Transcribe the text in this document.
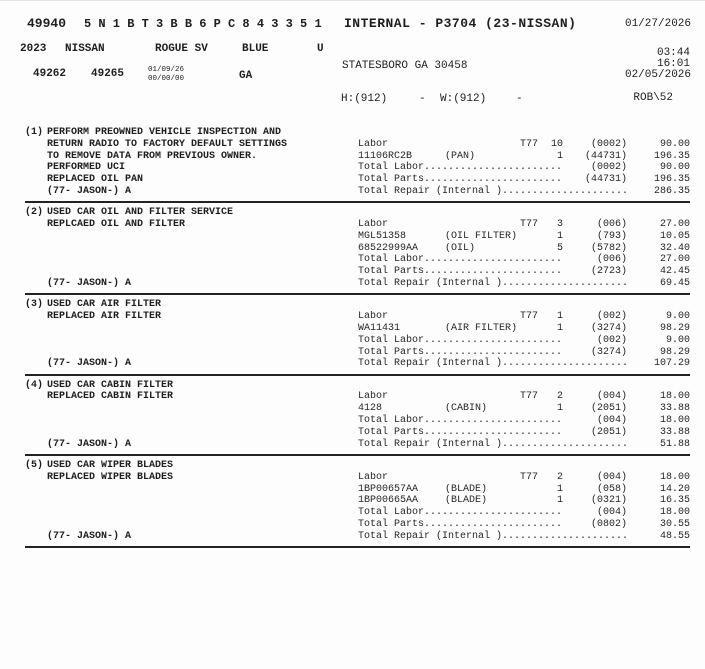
49940 5 N 1 B T 3 B B 6 P C 8 4 3 3 5 1 INTERNAL - P3704 (23-NISSAN)	01/27/2026
2023 NISSAN	ROGUE SV	BLUE	U	03:44
STATESBORO GA 30458	16:01
49262 49265	01/09/26
00/00/00	GA	02/05/2026
H:(912)	- W:(912)	-	ROB\52
(1) PERFORM PREOWNED VEHICLE INSPECTION AND
RETURN RADIO TO FACTORY DEFAULT SETTINGS
TO REMOVE DATA FROM PREVIOUS OWNER.
PERFORMED UCI
REPLACED OIL PAN
(77- JASON-) A
Labor	T77	10	(0002)	90.00
11106RC2B	(PAN)	1	(44731)	196.35
Total Labor .....	(0002)	90.00
Total Parts .....	(44731)	196.35
Total Repair (Internal ) .....	286.35
(2) USED CAR OIL AND FILTER SERVICE
REPLCAED OIL AND FILTER
(77- JASON-) A
Labor	T77	3	(006)	27.00
MGL51358	(OIL FILTER)	1	(793)	10.05
68522999AA	(OIL)	5	(5782)	32.40
Total Labor .....	(006)	27.00
Total Parts .....	(2723)	42.45
Total Repair (Internal ) .....	69.45
(3) USED CAR AIR FILTER
REPLACED AIR FILTER
(77- JASON-) A
Labor	T77	1	(002)	9.00
WA11431	(AIR FILTER)	1	(3274)	98.29
Total Labor .....	(002)	9.00
Total Parts .....	(3274)	98.29
Total Repair (Internal ) .....	107.29
(4) USED CAR CABIN FILTER
REPLACED CABIN FILTER
(77- JASON-) A
Labor	T77	2	(004)	18.00
4128	(CABIN)	1	(2051)	33.88
Total Labor .....	(004)	18.00
Total Parts .....	(2051)	33.88
Total Repair (Internal ) .....	51.88
(5) USED CAR WIPER BLADES
REPLACED WIPER BLADES
(77- JASON-) A
Labor	T77	2	(004)	18.00
1BP00657AA	(BLADE)	1	(058)	14.20
1BP00665AA	(BLADE)	1	(0321)	16.35
Total Labor .....	(004)	18.00
Total Parts .....	(0802)	30.55
Total Repair (Internal ) .....	48.55
